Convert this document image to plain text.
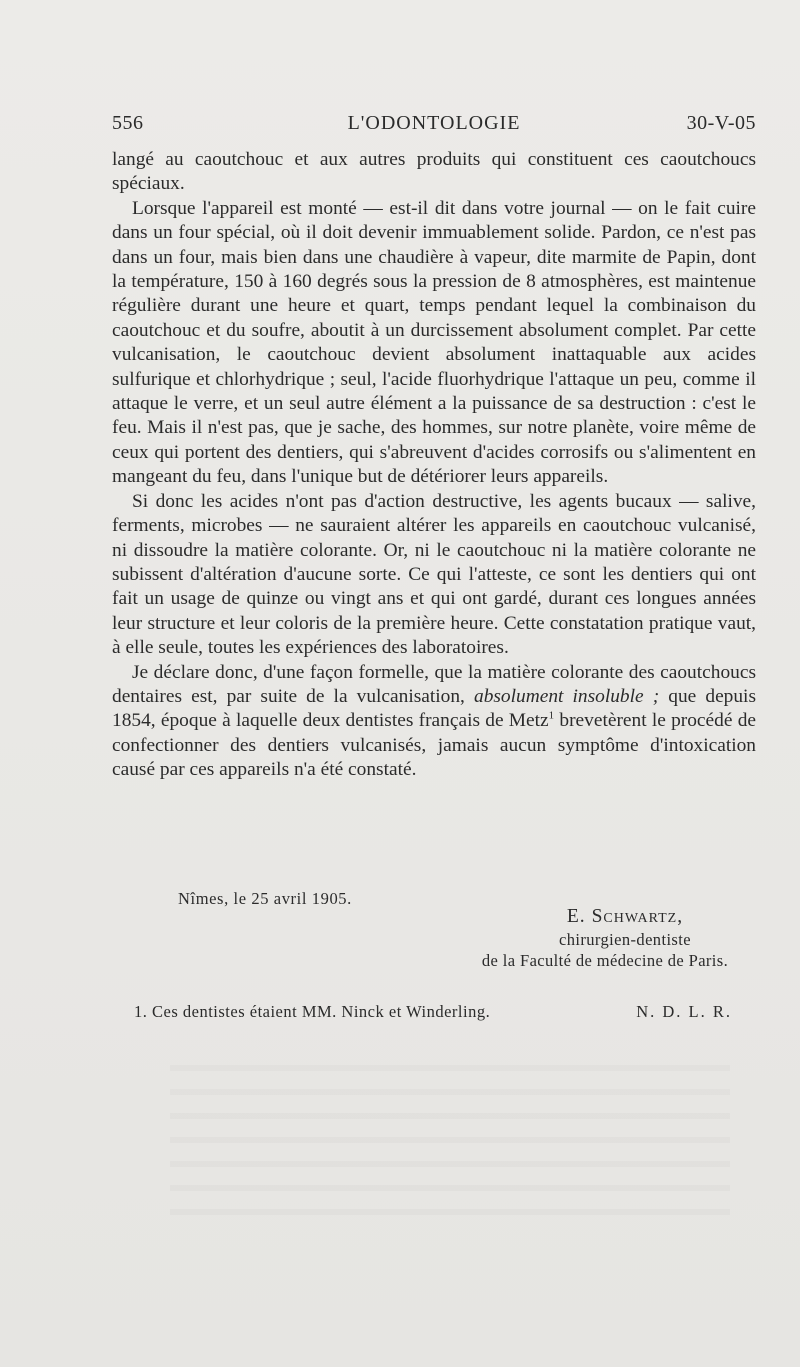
556	L'ODONTOLOGIE	30-V-05

langé au caoutchouc et aux autres produits qui constituent ces caoutchoucs spéciaux.

Lorsque l'appareil est monté — est-il dit dans votre journal — on le fait cuire dans un four spécial, où il doit devenir immuablement solide. Pardon, ce n'est pas dans un four, mais bien dans une chaudière à vapeur, dite marmite de Papin, dont la température, 150 à 160 degrés sous la pression de 8 atmosphères, est maintenue régulière durant une heure et quart, temps pendant lequel la combinaison du caoutchouc et du soufre, aboutit à un durcissement absolument complet. Par cette vulcanisation, le caoutchouc devient absolument inattaquable aux acides sulfurique et chlorhydrique ; seul, l'acide fluorhydrique l'attaque un peu, comme il attaque le verre, et un seul autre élément a la puissance de sa destruction : c'est le feu. Mais il n'est pas, que je sache, des hommes, sur notre planète, voire même de ceux qui portent des dentiers, qui s'abreuvent d'acides corrosifs ou s'alimentent en mangeant du feu, dans l'unique but de détériorer leurs appareils.

Si donc les acides n'ont pas d'action destructive, les agents bucaux — salive, ferments, microbes — ne sauraient altérer les appareils en caoutchouc vulcanisé, ni dissoudre la matière colorante. Or, ni le caoutchouc ni la matière colorante ne subissent d'altération d'aucune sorte. Ce qui l'atteste, ce sont les dentiers qui ont fait un usage de quinze ou vingt ans et qui ont gardé, durant ces longues années leur structure et leur coloris de la première heure. Cette constatation pratique vaut, à elle seule, toutes les expériences des laboratoires.

Je déclare donc, d'une façon formelle, que la matière colorante des caoutchoucs dentaires est, par suite de la vulcanisation, absolument insoluble ; que depuis 1854, époque à laquelle deux dentistes français de Metz$^1$ brevetèrent le procédé de confectionner des dentiers vulcanisés, jamais aucun symptôme d'intoxication causé par ces appareils n'a été constaté.

Nîmes, le 25 avril 1905.
E. Schwartz,
chirurgien-dentiste
de la Faculté de médecine de Paris.
1. Ces dentistes étaient MM. Ninck et Winderling.	N. D. L. R.
